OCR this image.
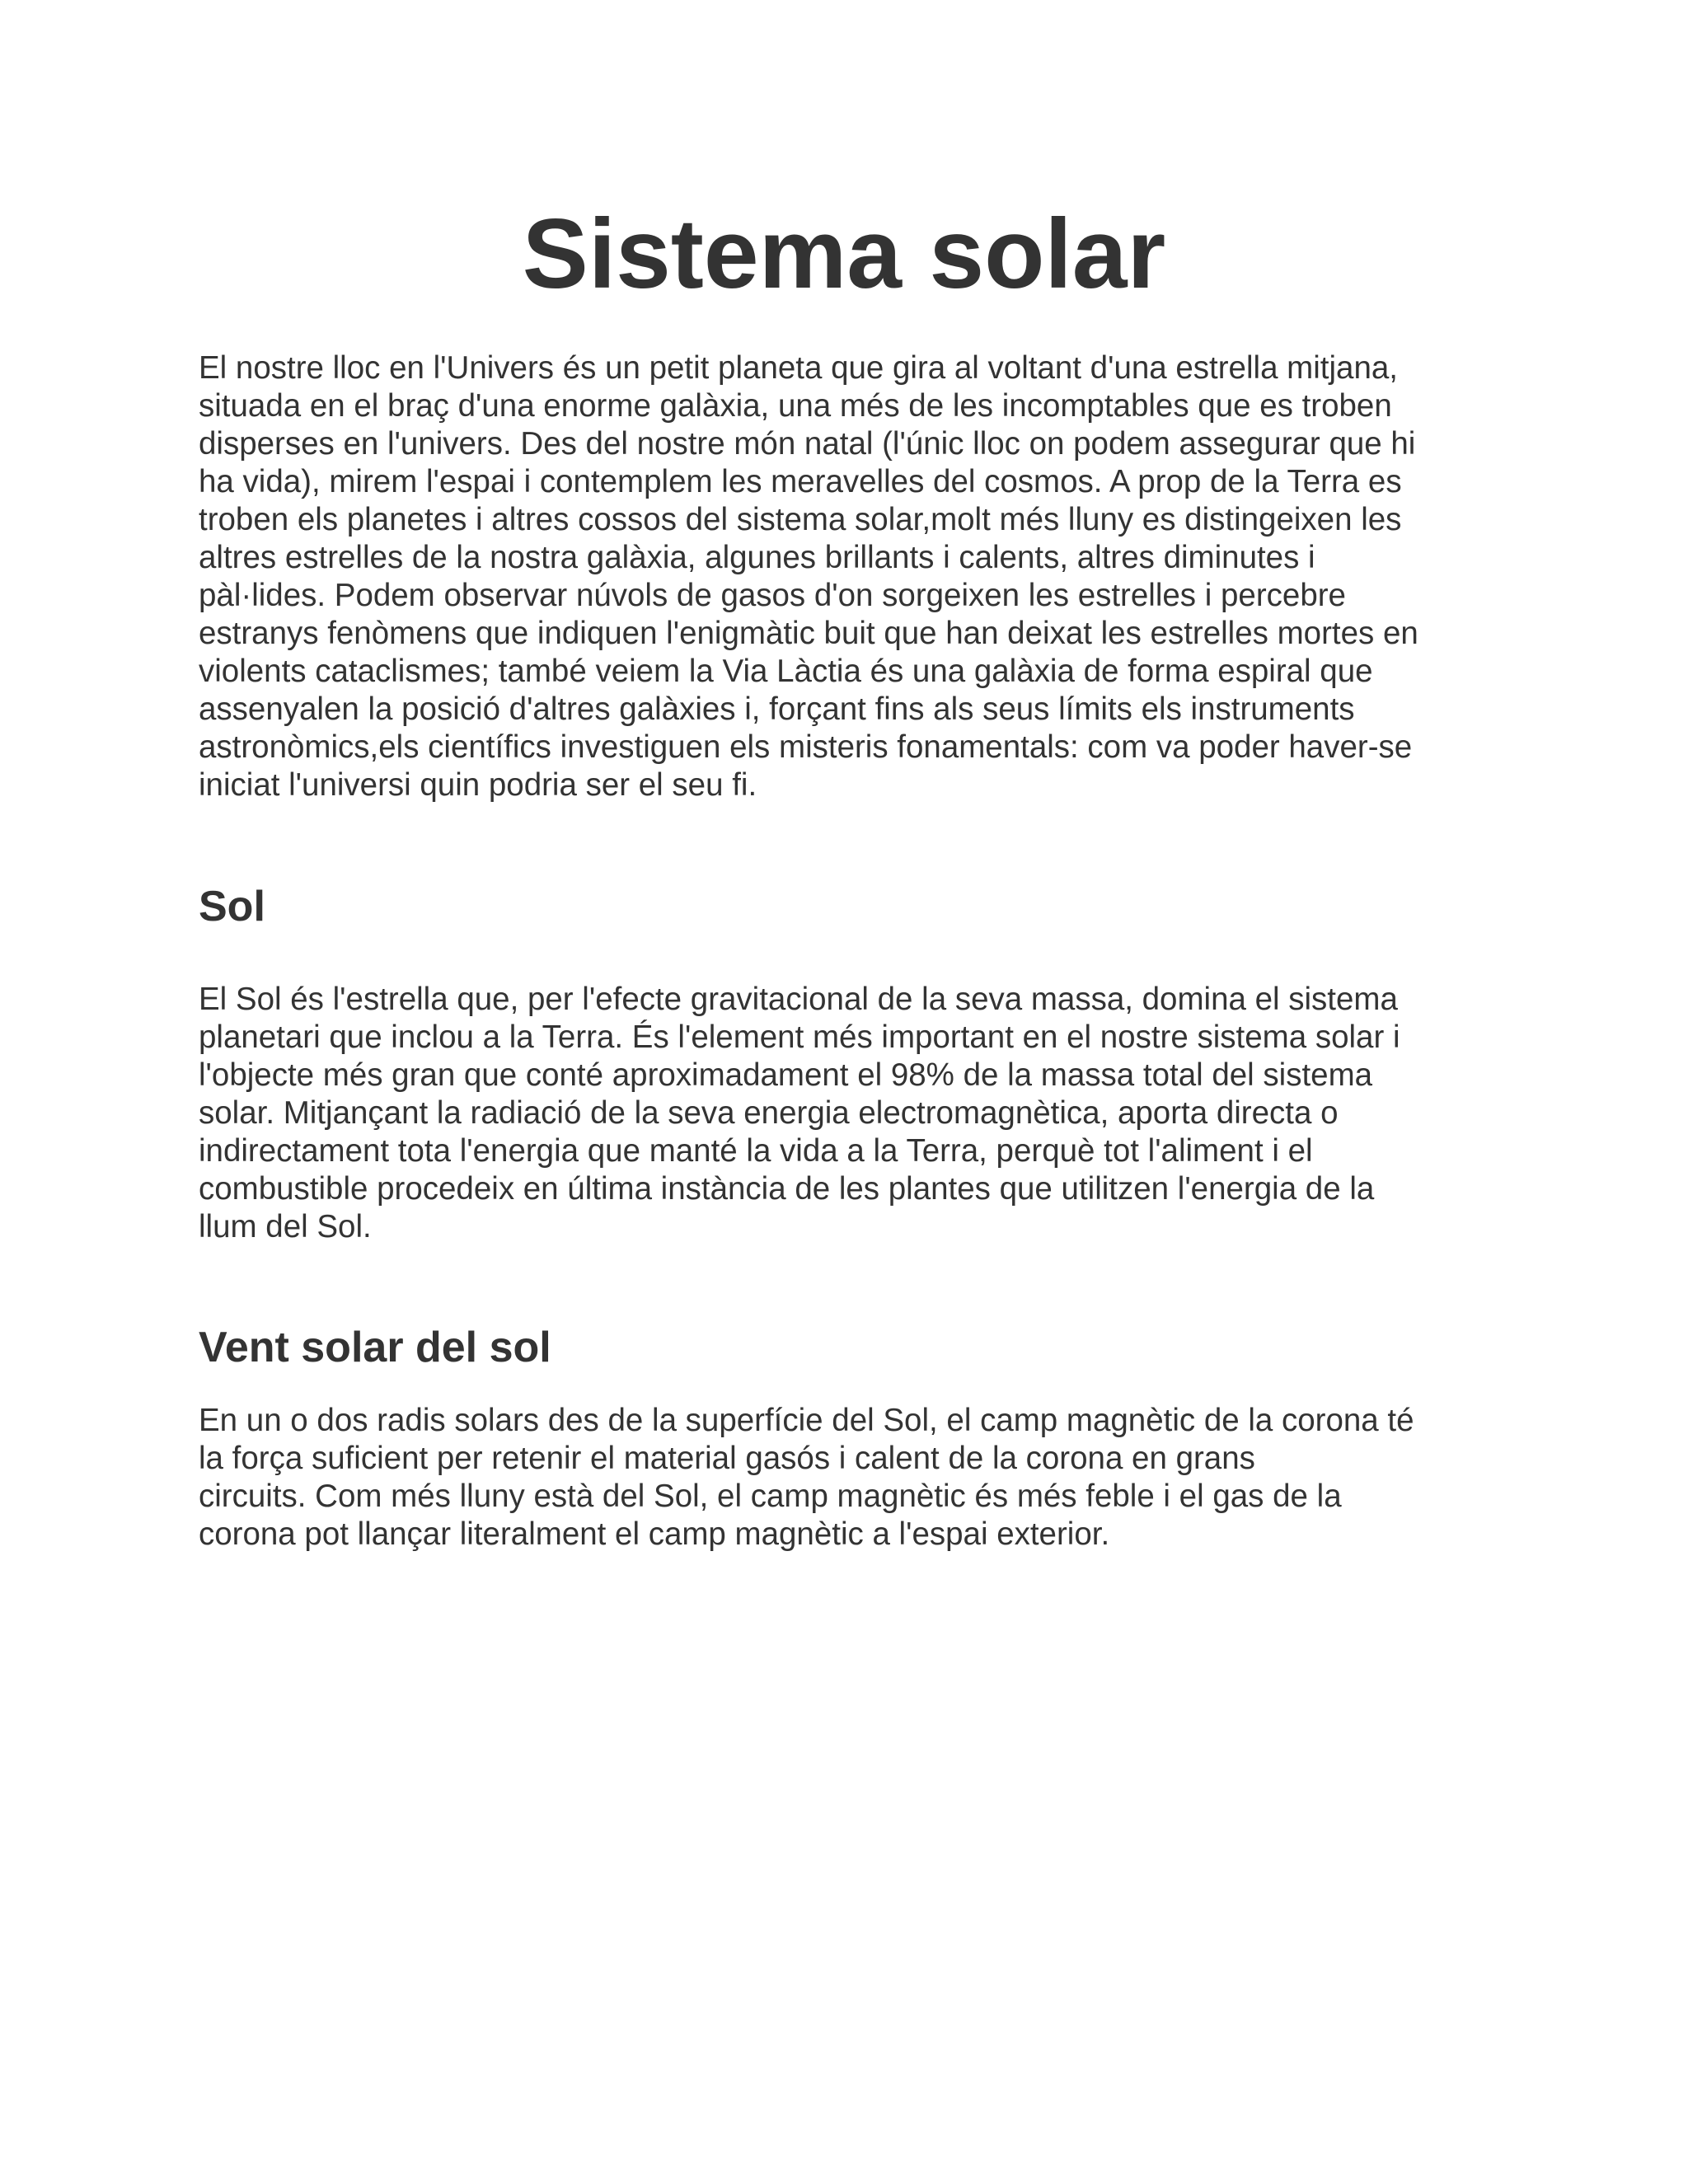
Sistema solar

El nostre lloc en l'Univers és un petit planeta que gira al voltant d'una estrella mitjana,
situada en el braç d'una enorme galàxia, una més de les incomptables que es troben
disperses en l'univers. Des del nostre món natal (l'únic lloc on podem assegurar que hi
ha vida), mirem l'espai i contemplem les meravelles del cosmos. A prop de la Terra es
troben els planetes i altres cossos del sistema solar,molt més lluny es distingeixen les
altres estrelles de la nostra galàxia, algunes brillants i calents, altres diminutes i
pàl·lides. Podem observar núvols de gasos d'on sorgeixen les estrelles i percebre
estranys fenòmens que indiquen l'enigmàtic buit que han deixat les estrelles mortes en
violents cataclismes; també veiem la Via Làctia és una galàxia de forma espiral que
assenyalen la posició d'altres galàxies i, forçant fins als seus límits els instruments
astronòmics,els científics investiguen els misteris fonamentals: com va poder haver-se
iniciat l'universi quin podria ser el seu fi.

Sol

El Sol és l'estrella que, per l'efecte gravitacional de la seva massa, domina el sistema
planetari que inclou a la Terra. És l'element més important en el nostre sistema solar i
l'objecte més gran que conté aproximadament el 98% de la massa total del sistema
solar. Mitjançant la radiació de la seva energia electromagnètica, aporta directa o
indirectament tota l'energia que manté la vida a la Terra, perquè tot l'aliment i el
combustible procedeix en última instància de les plantes que utilitzen l'energia de la
llum del Sol.

Vent solar del sol

En un o dos radis solars des de la superfície del Sol, el camp magnètic de la corona té
la força suficient per retenir el material gasós i calent de la corona en grans
circuits. Com més lluny està del Sol, el camp magnètic és més feble i el gas de la
corona pot llançar literalment el camp magnètic a l'espai exterior.
